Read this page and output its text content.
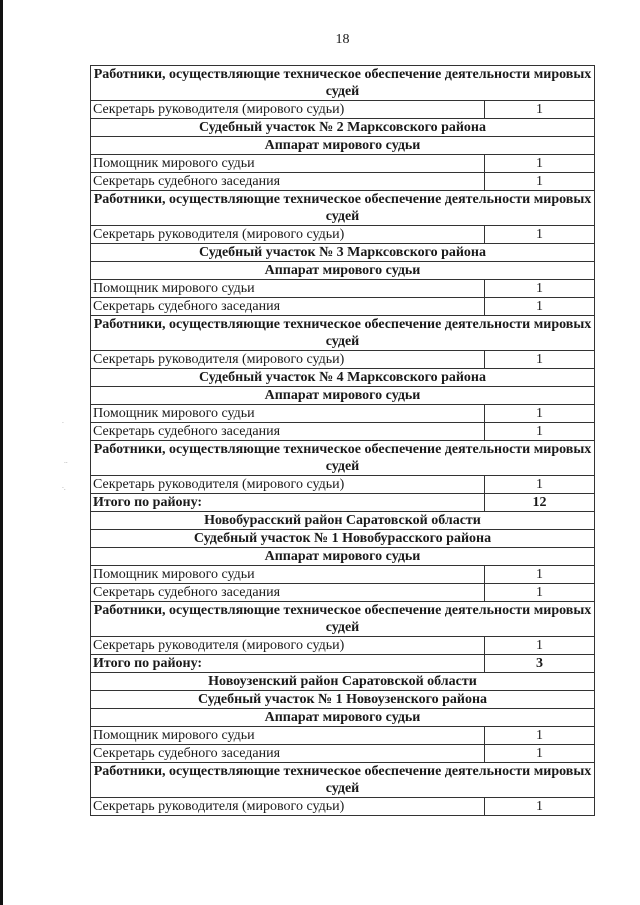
·
··
·.
18
Работники, осуществляющие техническое обеспечение деятельности мировых судей	
Секретарь руководителя (мирового судьи)	1
Судебный участок № 2 Марксовского района	
Аппарат мирового судьи	
Помощник мирового судьи	1
Секретарь судебного заседания	1
Работники, осуществляющие техническое обеспечение деятельности мировых судей	
Секретарь руководителя (мирового судьи)	1
Судебный участок № 3 Марксовского района	
Аппарат мирового судьи	
Помощник мирового судьи	1
Секретарь судебного заседания	1
Работники, осуществляющие техническое обеспечение деятельности мировых судей	
Секретарь руководителя (мирового судьи)	1
Судебный участок № 4 Марксовского района	
Аппарат мирового судьи	
Помощник мирового судьи	1
Секретарь судебного заседания	1
Работники, осуществляющие техническое обеспечение деятельности мировых судей	
Секретарь руководителя (мирового судьи)	1
Итого по району:	12
Новобурасский район Саратовской области	
Судебный участок № 1 Новобурасского района	
Аппарат мирового судьи	
Помощник мирового судьи	1
Секретарь судебного заседания	1
Работники, осуществляющие техническое обеспечение деятельности мировых судей	
Секретарь руководителя (мирового судьи)	1
Итого по району:	3
Новоузенский район Саратовской области	
Судебный участок № 1 Новоузенского района	
Аппарат мирового судьи	
Помощник мирового судьи	1
Секретарь судебного заседания	1
Работники, осуществляющие техническое обеспечение деятельности мировых судей	
Секретарь руководителя (мирового судьи)	1
